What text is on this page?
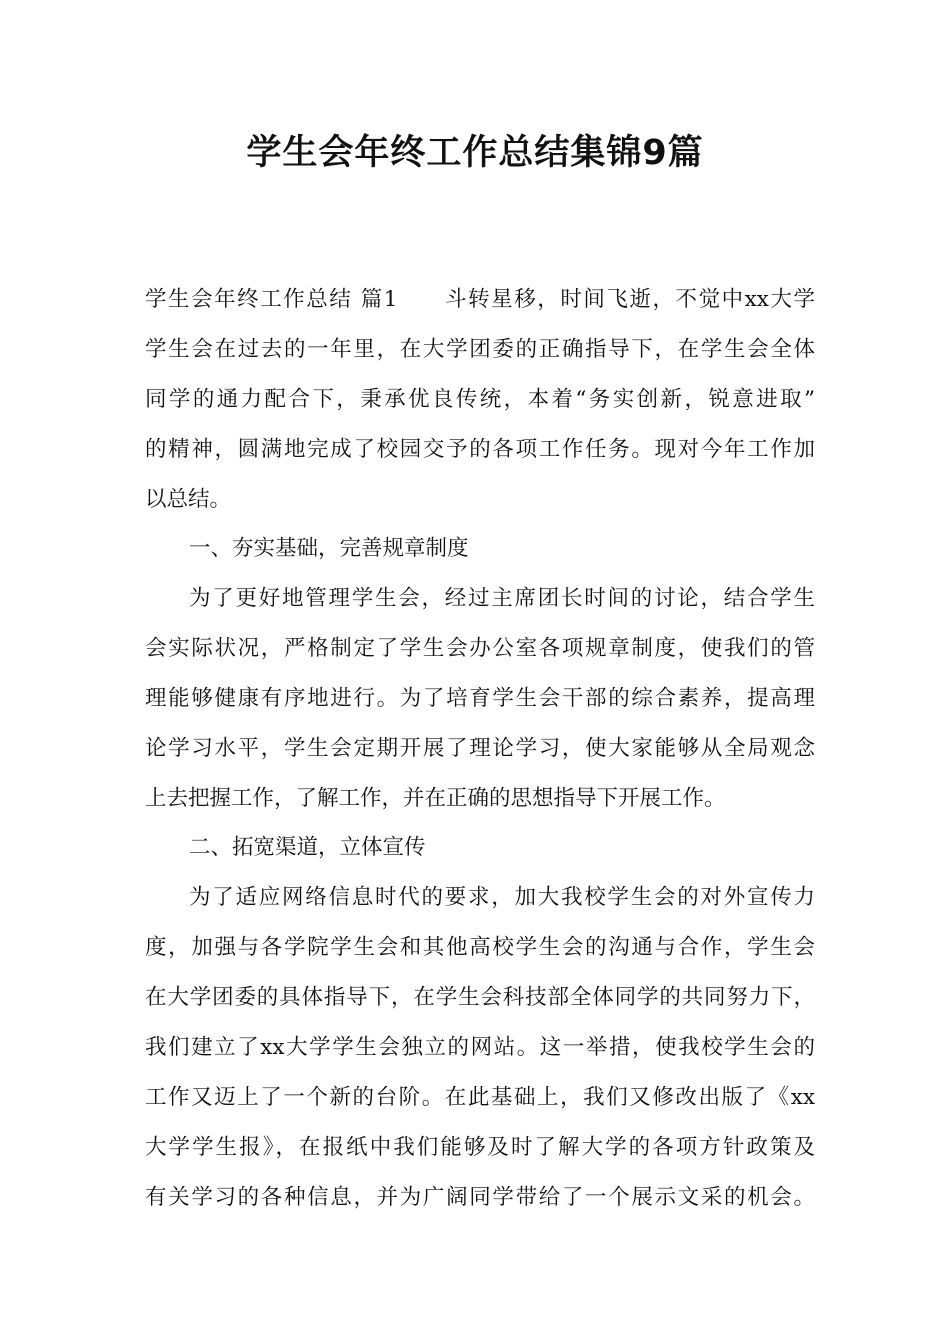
学生会年终工作总结集锦9篇

学生会年终工作总结 篇1　　斗转星移，时间飞逝，不觉中xx大学

学生会在过去的一年里，在大学团委的正确指导下，在学生会全体

同学的通力配合下，秉承优良传统，本着“务实创新，锐意进取”

的精神，圆满地完成了校园交予的各项工作任务。现对今年工作加

以总结。

一、夯实基础，完善规章制度

为了更好地管理学生会，经过主席团长时间的讨论，结合学生

会实际状况，严格制定了学生会办公室各项规章制度，使我们的管

理能够健康有序地进行。为了培育学生会干部的综合素养，提高理

论学习水平，学生会定期开展了理论学习，使大家能够从全局观念

上去把握工作，了解工作，并在正确的思想指导下开展工作。

二、拓宽渠道，立体宣传

为了适应网络信息时代的要求，加大我校学生会的对外宣传力

度，加强与各学院学生会和其他高校学生会的沟通与合作，学生会

在大学团委的具体指导下，在学生会科技部全体同学的共同努力下，

我们建立了xx大学学生会独立的网站。这一举措，使我校学生会的

工作又迈上了一个新的台阶。在此基础上，我们又修改出版了《xx

大学学生报》，在报纸中我们能够及时了解大学的各项方针政策及

有关学习的各种信息，并为广阔同学带给了一个展示文采的机会。
